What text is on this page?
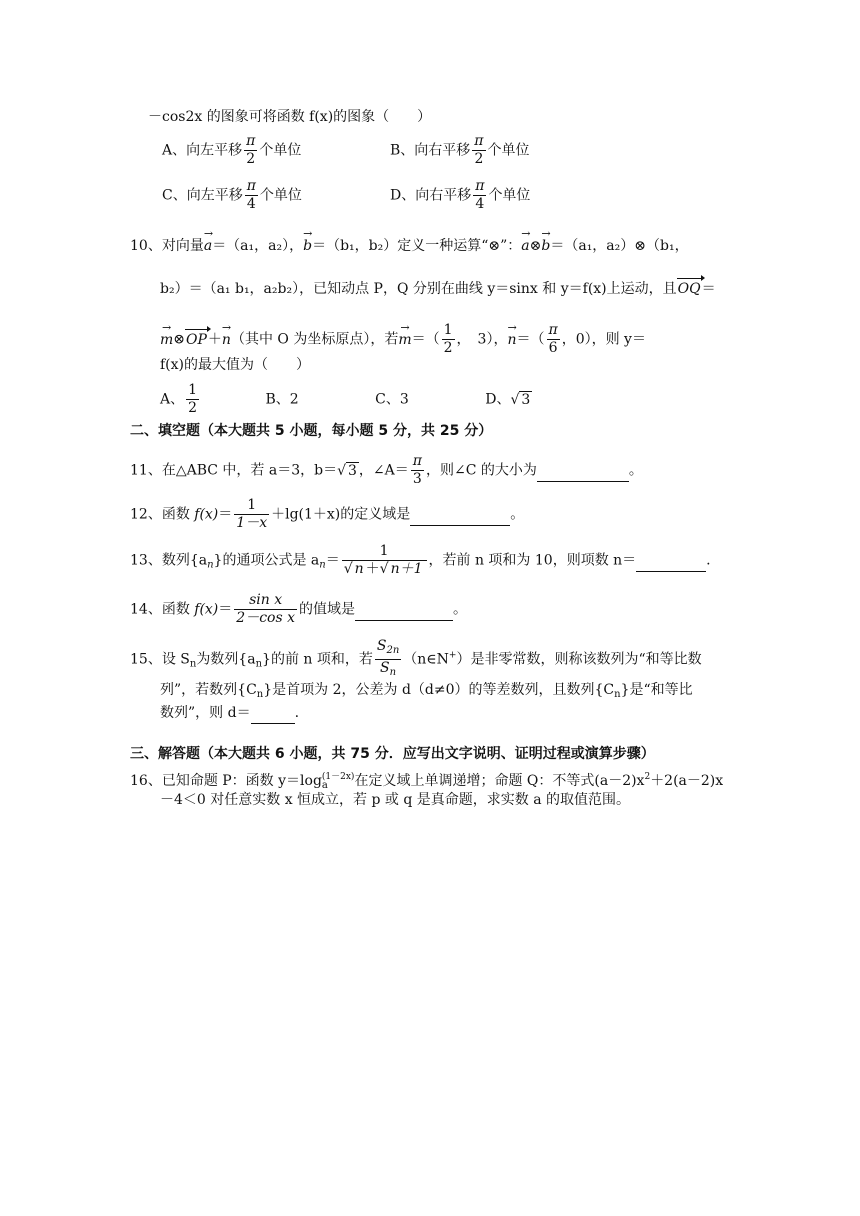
－cos2x 的图象可将函数 f(x)的图象（　　）
A、向左平移 $\frac{\pi}{2}$ 个单位	B、向右平移 $\frac{\pi}{2}$ 个单位
C、向左平移 $\frac{\pi}{4}$ 个单位	D、向右平移 $\frac{\pi}{4}$ 个单位
10、对向量→ a＝（a₁，a₂），→ b＝（b₁，b₂）定义一种运算“⊗”：→ a⊗→ b＝（a₁，a₂）⊗（b₁，
b₂）＝（a₁ b₁，a₂b₂），已知动点 P，Q 分别在曲线 y＝sinx 和 y＝f(x)上运动，且OQ＝
→ m⊗OP＋→ n（其中 O 为坐标原点），若→ $m=( \frac{1}{2}$ ，　3），→ $n=( \frac{\pi}{6}$ ，0），则 y＝
f(x)的最大值为（　　）
A、 $\frac{1}{2}$	B、2	C、3	D、√ 3
二、填空题（本大题共 5 小题，每小题 5 分，共 25 分）
11、在△ABC 中，若 a＝3，b＝√ 3 ，∠A＝ $\frac{\pi}{3}$ ，则∠C 的大小为	。
12、函数 $f(x)= \frac{1}{1-x} +\lg(1+x)$的定义域是	。
13、数列$\{a_n\}$的通项公式是 $a_n= \frac{1}{√ n +√ n+1}$ ，若前 n 项和为 10，则项数 n＝	.
14、函数 $f(x)= \frac{\text{sin x}}{\text{2－cos x}}$ 的值域是	。
15、设 $S_n$为数列$\{a_n\}$的前 n 项和，若 $\frac{S_{2n}}{S_n}$ （n∈N+）是非零常数，则称该数列为“和等比数
列”，若数列$\{C_n\}$是首项为 2，公差为 d（d≠0）的等差数列，且数列$\{C_n\}$是“和等比
数列”，则 d＝	.
三、解答题（本大题共 6 小题，共 75 分．应写出文字说明、证明过程或演算步骤）
16、已知命题 P：函数 $y=\log_a^{(1-2x)}$在定义域上单调递增；命题 Q：不等式$(a-2)x^2+2(a-2)x$
－4＜0 对任意实数 x 恒成立，若 p 或 q 是真命题，求实数 a 的取值范围。
